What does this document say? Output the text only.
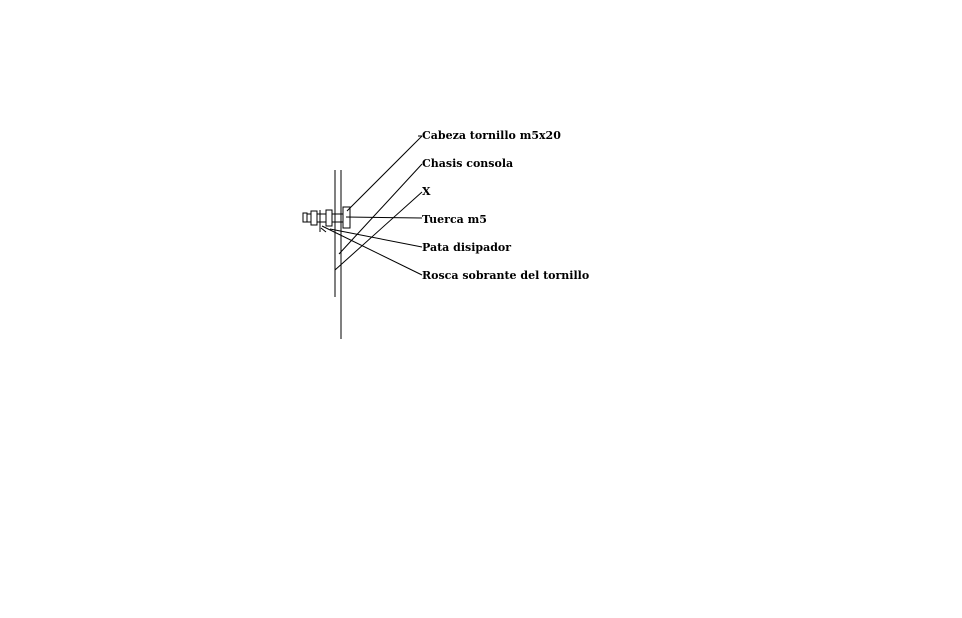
Cabeza tornillo m5x20
Chasis consola
X
Tuerca m5
Pata disipador
Rosca sobrante del tornillo
